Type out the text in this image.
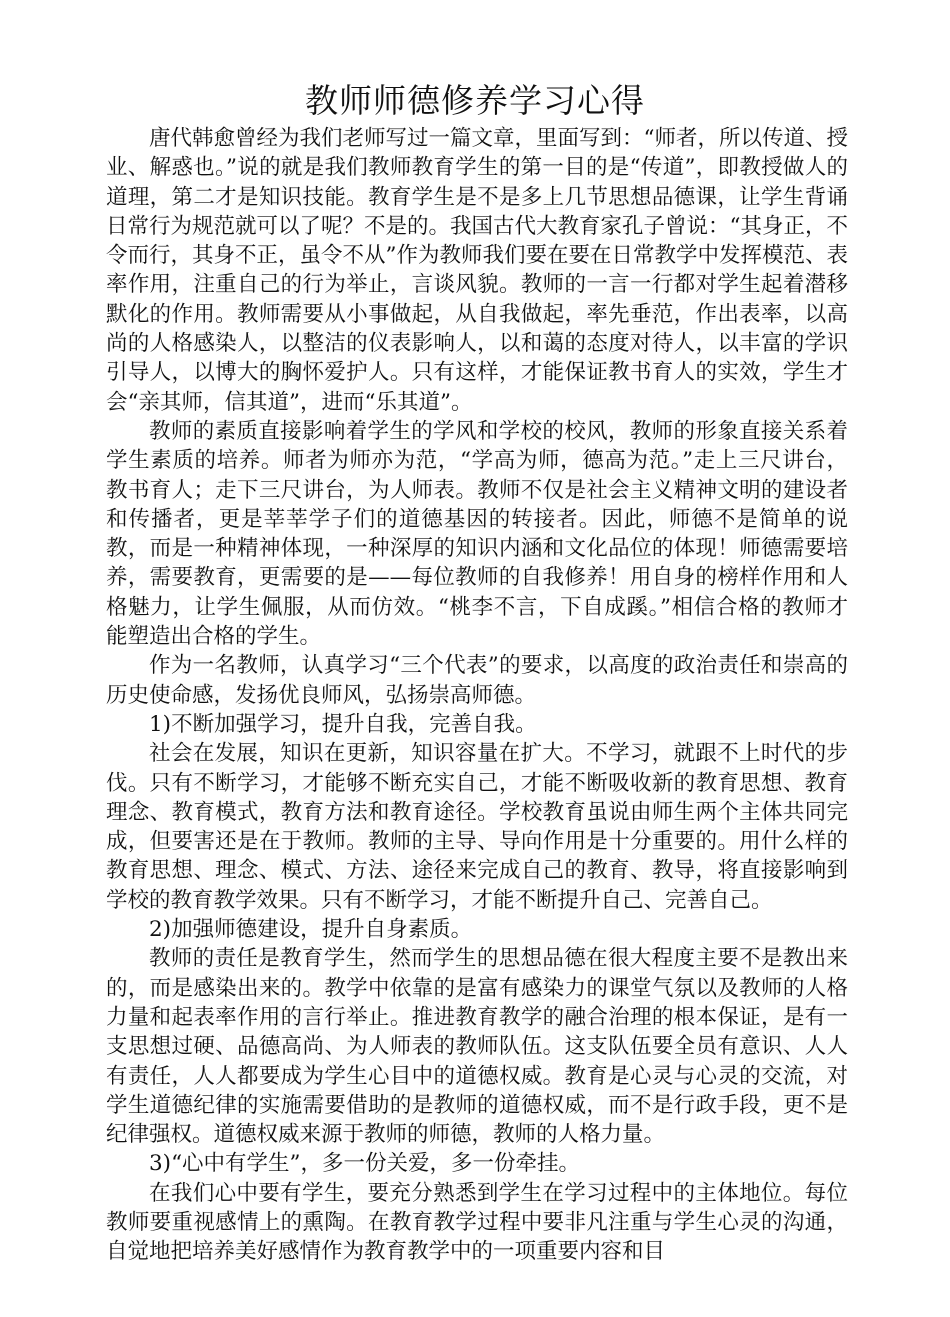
教师师德修养学习心得

唐代韩愈曾经为我们老师写过一篇文章，里面写到：“师者，所以传道、授业、解惑也。”说的就是我们教师教育学生的第一目的是“传道”，即教授做人的道理，第二才是知识技能。教育学生是不是多上几节思想品德课，让学生背诵日常行为规范就可以了呢？不是的。我国古代大教育家孔子曾说：“其身正，不令而行，其身不正，虽令不从”作为教师我们要在要在日常教学中发挥模范、表率作用，注重自己的行为举止，言谈风貌。教师的一言一行都对学生起着潜移默化的作用。教师需要从小事做起，从自我做起，率先垂范，作出表率，以高尚的人格感染人，以整洁的仪表影响人，以和蔼的态度对待人，以丰富的学识引导人，以博大的胸怀爱护人。只有这样，才能保证教书育人的实效，学生才会“亲其师，信其道”，进而“乐其道”。

教师的素质直接影响着学生的学风和学校的校风，教师的形象直接关系着学生素质的培养。师者为师亦为范，“学高为师，德高为范。”走上三尺讲台，教书育人；走下三尺讲台，为人师表。教师不仅是社会主义精神文明的建设者和传播者，更是莘莘学子们的道德基因的转接者。因此，师德不是简单的说教，而是一种精神体现，一种深厚的知识内涵和文化品位的体现！师德需要培养，需要教育，更需要的是——每位教师的自我修养！用自身的榜样作用和人格魅力，让学生佩服，从而仿效。“桃李不言，下自成蹊。”相信合格的教师才能塑造出合格的学生。

作为一名教师，认真学习“三个代表”的要求，以高度的政治责任和崇高的历史使命感，发扬优良师风，弘扬崇高师德。

1)不断加强学习，提升自我，完善自我。

社会在发展，知识在更新，知识容量在扩大。不学习，就跟不上时代的步伐。只有不断学习，才能够不断充实自己，才能不断吸收新的教育思想、教育理念、教育模式，教育方法和教育途径。学校教育虽说由师生两个主体共同完成，但要害还是在于教师。教师的主导、导向作用是十分重要的。用什么样的教育思想、理念、模式、方法、途径来完成自己的教育、教导，将直接影响到学校的教育教学效果。只有不断学习，才能不断提升自己、完善自己。

2)加强师德建设，提升自身素质。

教师的责任是教育学生，然而学生的思想品德在很大程度主要不是教出来的，而是感染出来的。教学中依靠的是富有感染力的课堂气氛以及教师的人格力量和起表率作用的言行举止。推进教育教学的融合治理的根本保证，是有一支思想过硬、品德高尚、为人师表的教师队伍。这支队伍要全员有意识、人人有责任，人人都要成为学生心目中的道德权威。教育是心灵与心灵的交流，对学生道德纪律的实施需要借助的是教师的道德权威，而不是行政手段，更不是纪律强权。道德权威来源于教师的师德，教师的人格力量。

3)“心中有学生”，多一份关爱，多一份牵挂。

在我们心中要有学生，要充分熟悉到学生在学习过程中的主体地位。每位教师要重视感情上的熏陶。在教育教学过程中要非凡注重与学生心灵的沟通，自觉地把培养美好感情作为教育教学中的一项重要内容和目
